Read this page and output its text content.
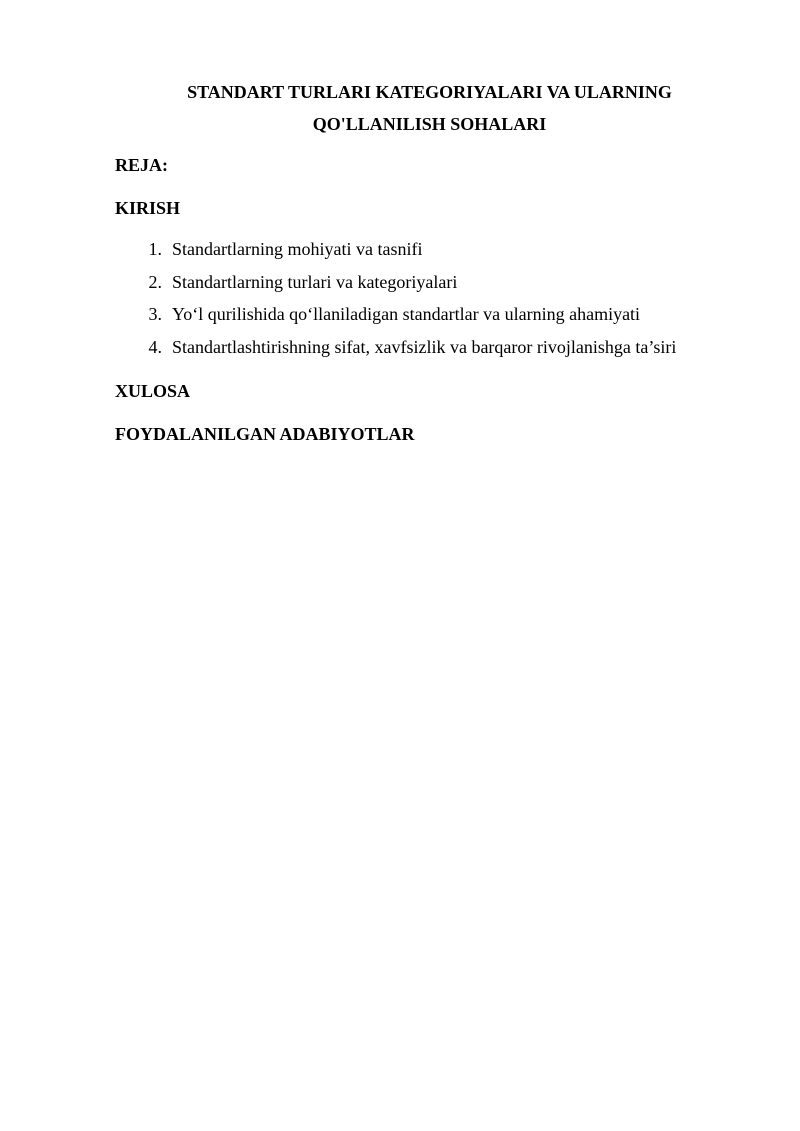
STANDART TURLARI KATEGORIYALARI VA ULARNING
QO'LLANILISH SOHALARI

REJA:

KIRISH

1. Standartlarning mohiyati va tasnifi
2. Standartlarning turlari va kategoriyalari
3. Yo‘l qurilishida qo‘llaniladigan standartlar va ularning ahamiyati
4. Standartlashtirishning sifat, xavfsizlik va barqaror rivojlanishga ta’siri

XULOSA

FOYDALANILGAN ADABIYOTLAR
